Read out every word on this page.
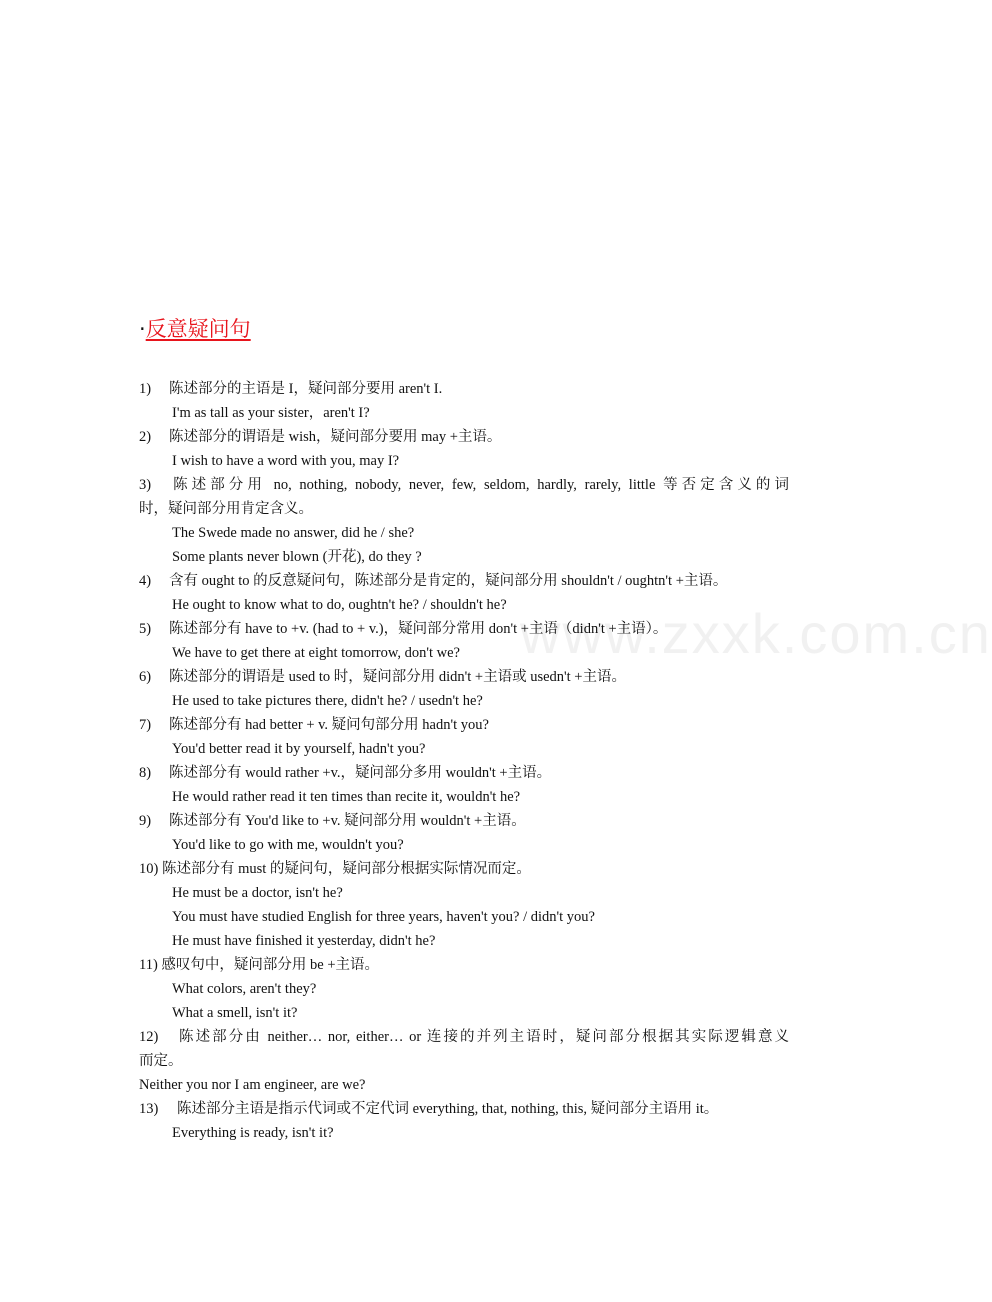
www.zxxk.com.cn
·反意疑问句
1) 陈述部分的主语是 I，疑问部分要用 aren't I.
I'm as tall as your sister，aren't I?
2) 陈述部分的谓语是 wish，疑问部分要用 may +主语。
I wish to have a word with you, may I?
3) 陈述部分用 no, nothing, nobody, never, few, seldom, hardly, rarely, little 等否定含义的词
时，疑问部分用肯定含义。
The Swede made no answer, did he / she?
Some plants never blown (开花), do they ?
4) 含有 ought to 的反意疑问句，陈述部分是肯定的，疑问部分用 shouldn't / oughtn't +主语。
He ought to know what to do, oughtn't he? / shouldn't he?
5) 陈述部分有 have to +v. (had to + v.)，疑问部分常用 don't +主语（didn't +主语）。
We have to get there at eight tomorrow, don't we?
6) 陈述部分的谓语是 used to 时，疑问部分用 didn't +主语或 usedn't +主语。
He used to take pictures there, didn't he? / usedn't he?
7) 陈述部分有 had better + v. 疑问句部分用 hadn't you?
You'd better read it by yourself, hadn't you?
8) 陈述部分有 would rather +v.，疑问部分多用 wouldn't +主语。
He would rather read it ten times than recite it, wouldn't he?
9) 陈述部分有 You'd like to +v. 疑问部分用 wouldn't +主语。
You'd like to go with me, wouldn't you?
10) 陈述部分有 must 的疑问句，疑问部分根据实际情况而定。
He must be a doctor, isn't he?
You must have studied English for three years, haven't you? / didn't you?
He must have finished it yesterday, didn't he?
11) 感叹句中，疑问部分用 be +主语。
What colors, aren't they?
What a smell, isn't it?
12) 陈述部分由 neither… nor, either… or 连接的并列主语时，疑问部分根据其实际逻辑意义
而定。
Neither you nor I am engineer, are we?
13) 陈述部分主语是指示代词或不定代词 everything, that, nothing, this, 疑问部分主语用 it。
Everything is ready, isn't it?
